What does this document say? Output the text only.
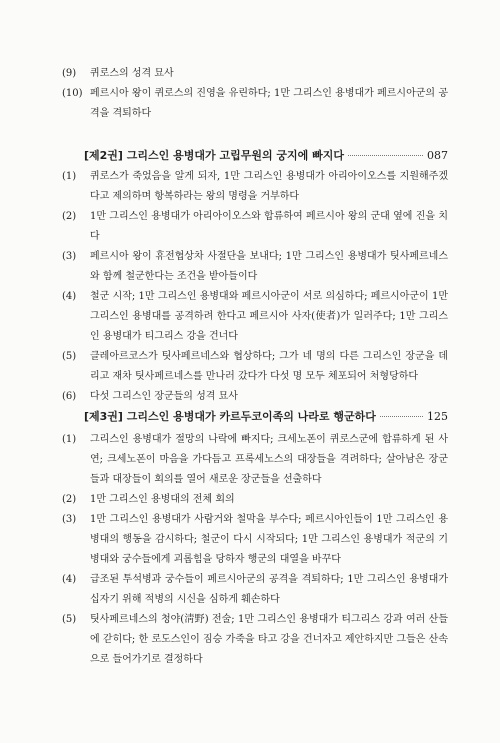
(9)	퀴로스의 성격 묘사
(10) 페르시아 왕이 퀴로스의 진영을 유린하다; 1만 그리스인 용병대가 페르시아군의 공격을 격퇴하다
[제2권] 그리스인 용병대가 고립무원의 궁지에 빠지다	087
(1)	퀴로스가 죽었음을 알게 되자, 1만 그리스인 용병대가 아리아이오스를 지원해주겠다고 제의하며 항복하라는 왕의 명령을 거부하다
(2)	1만 그리스인 용병대가 아리아이오스와 합류하여 페르시아 왕의 군대 옆에 진을 치다
(3)	페르시아 왕이 휴전협상차 사절단을 보내다; 1만 그리스인 용병대가 팃사페르네스와 함께 철군한다는 조건을 받아들이다
(4)	철군 시작; 1만 그리스인 용병대와 페르시아군이 서로 의심하다; 페르시아군이 1만 그리스인 용병대를 공격하려 한다고 페르시아 사자(使者)가 일러주다; 1만 그리스인 용병대가 티그리스 강을 건너다
(5)	클레아르코스가 팃사페르네스와 협상하다; 그가 네 명의 다른 그리스인 장군을 데리고 재차 팃사페르네스를 만나러 갔다가 다섯 명 모두 체포되어 처형당하다
(6)	다섯 그리스인 장군들의 성격 묘사
[제3권] 그리스인 용병대가 카르두코이족의 나라로 행군하다	125
(1)	그리스인 용병대가 절망의 나락에 빠지다; 크세노폰이 퀴로스군에 합류하게 된 사연; 크세노폰이 마음을 가다듬고 프록세노스의 대장들을 격려하다; 살아남은 장군들과 대장들이 회의를 열어 새로운 장군들을 선출하다
(2)	1만 그리스인 용병대의 전체 회의
(3)	1만 그리스인 용병대가 사람거와 철막을 부수다; 페르시아인들이 1만 그리스인 용병대의 행동을 감시하다; 철군이 다시 시작되다; 1만 그리스인 용병대가 적군의 기병대와 궁수들에게 괴롭힘을 당하자 행군의 대열을 바꾸다
(4)	급조된 투석병과 궁수들이 페르시아군의 공격을 격퇴하다; 1만 그리스인 용병대가 십자기 위해 적병의 시신을 심하게 훼손하다
(5)	팃사페르네스의 청야(淸野) 전술; 1만 그리스인 용병대가 티그리스 강과 여러 산들에 갇히다; 한 로도스인이 짐승 가죽을 타고 강을 건너자고 제안하지만 그들은 산속으로 들어가기로 결정하다
